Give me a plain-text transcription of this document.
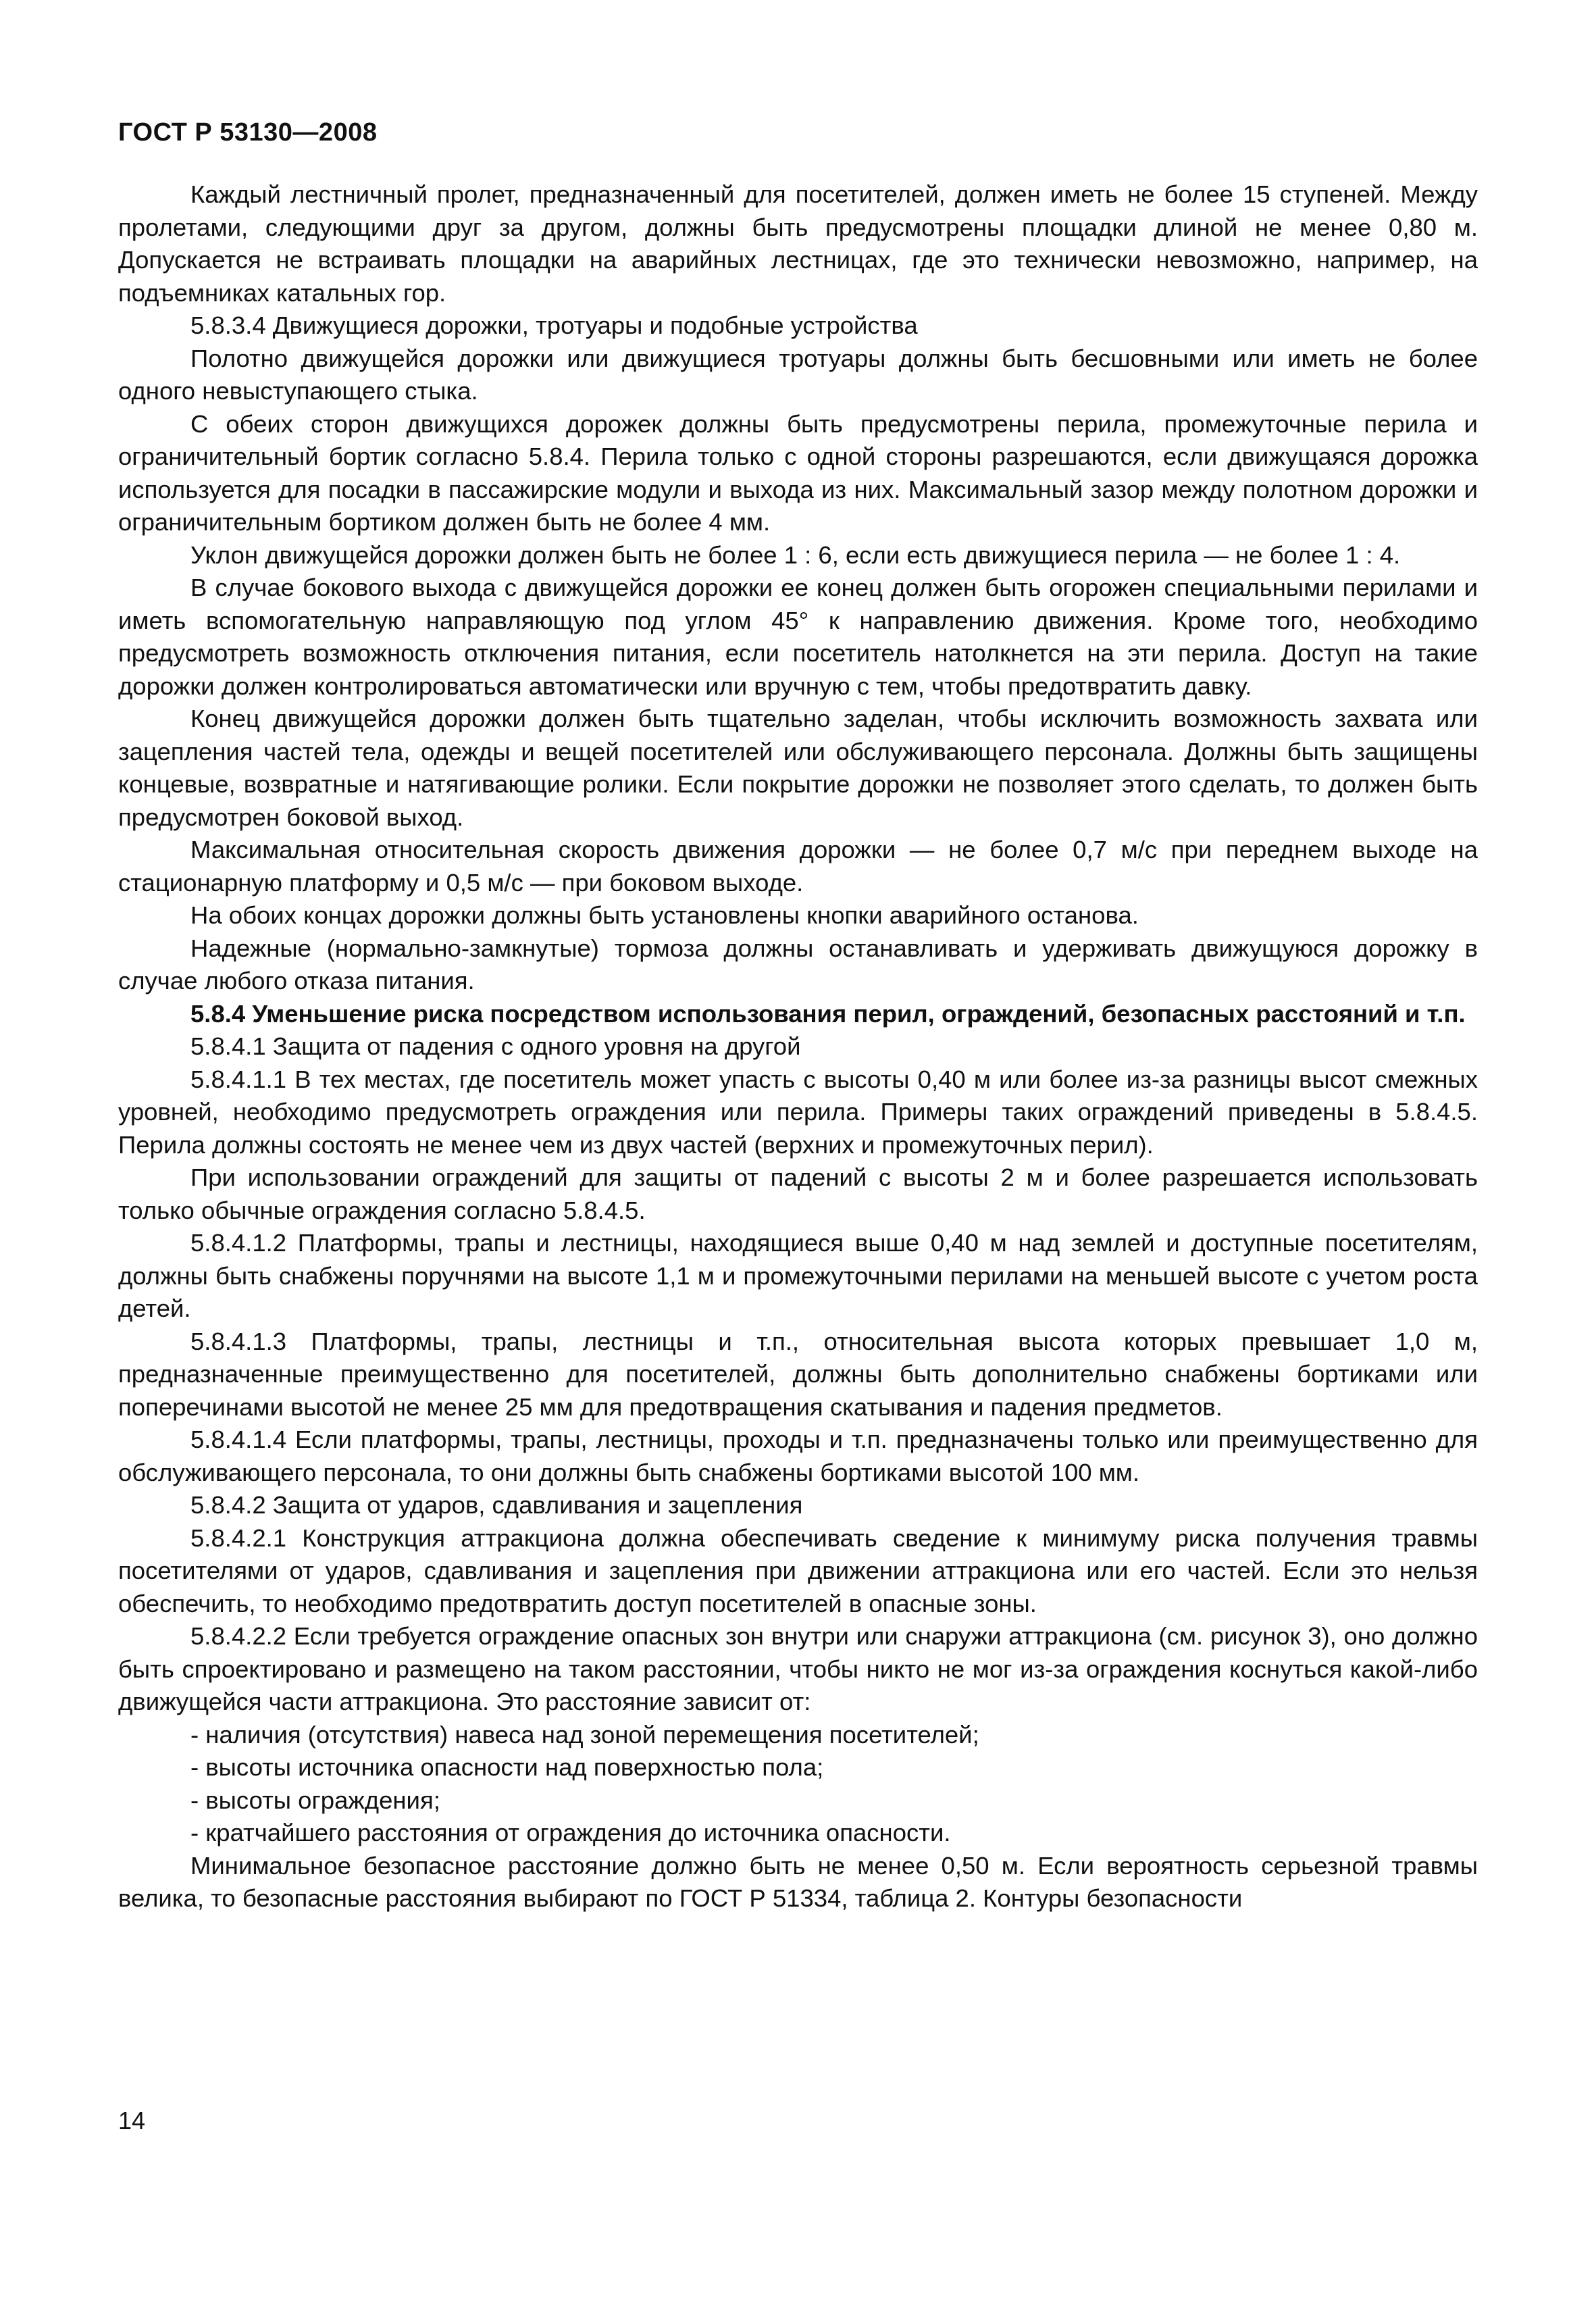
ГОСТ Р 53130—2008

Каждый лестничный пролет, предназначенный для посетителей, должен иметь не более 15 ступеней. Между пролетами, следующими друг за другом, должны быть предусмотрены площадки длиной не менее 0,80 м. Допускается не встраивать площадки на аварийных лестницах, где это технически невозможно, например, на подъемниках катальных гор.

5.8.3.4 Движущиеся дорожки, тротуары и подобные устройства

Полотно движущейся дорожки или движущиеся тротуары должны быть бесшовными или иметь не более одного невыступающего стыка.

С обеих сторон движущихся дорожек должны быть предусмотрены перила, промежуточные перила и ограничительный бортик согласно 5.8.4. Перила только с одной стороны разрешаются, если движущаяся дорожка используется для посадки в пассажирские модули и выхода из них. Максимальный зазор между полотном дорожки и ограничительным бортиком должен быть не более 4 мм.

Уклон движущейся дорожки должен быть не более 1 : 6, если есть движущиеся перила — не более 1 : 4.

В случае бокового выхода с движущейся дорожки ее конец должен быть огорожен специальными перилами и иметь вспомогательную направляющую под углом 45° к направлению движения. Кроме того, необходимо предусмотреть возможность отключения питания, если посетитель натолкнется на эти перила. Доступ на такие дорожки должен контролироваться автоматически или вручную с тем, чтобы предотвратить давку.

Конец движущейся дорожки должен быть тщательно заделан, чтобы исключить возможность захвата или зацепления частей тела, одежды и вещей посетителей или обслуживающего персонала. Должны быть защищены концевые, возвратные и натягивающие ролики. Если покрытие дорожки не позволяет этого сделать, то должен быть предусмотрен боковой выход.

Максимальная относительная скорость движения дорожки — не более 0,7 м/с при переднем выходе на стационарную платформу и 0,5 м/с — при боковом выходе.

На обоих концах дорожки должны быть установлены кнопки аварийного останова.

Надежные (нормально-замкнутые) тормоза должны останавливать и удерживать движущуюся дорожку в случае любого отказа питания.

5.8.4 Уменьшение риска посредством использования перил, ограждений, безопасных расстояний и т.п.

5.8.4.1 Защита от падения с одного уровня на другой

5.8.4.1.1 В тех местах, где посетитель может упасть с высоты 0,40 м или более из-за разницы высот смежных уровней, необходимо предусмотреть ограждения или перила. Примеры таких ограждений приведены в 5.8.4.5. Перила должны состоять не менее чем из двух частей (верхних и промежуточных перил).

При использовании ограждений для защиты от падений с высоты 2 м и более разрешается использовать только обычные ограждения согласно 5.8.4.5.

5.8.4.1.2 Платформы, трапы и лестницы, находящиеся выше 0,40 м над землей и доступные посетителям, должны быть снабжены поручнями на высоте 1,1 м и промежуточными перилами на меньшей высоте с учетом роста детей.

5.8.4.1.3 Платформы, трапы, лестницы и т.п., относительная высота которых превышает 1,0 м, предназначенные преимущественно для посетителей, должны быть дополнительно снабжены бортиками или поперечинами высотой не менее 25 мм для предотвращения скатывания и падения предметов.

5.8.4.1.4 Если платформы, трапы, лестницы, проходы и т.п. предназначены только или преимущественно для обслуживающего персонала, то они должны быть снабжены бортиками высотой 100 мм.

5.8.4.2 Защита от ударов, сдавливания и зацепления

5.8.4.2.1 Конструкция аттракциона должна обеспечивать сведение к минимуму риска получения травмы посетителями от ударов, сдавливания и зацепления при движении аттракциона или его частей. Если это нельзя обеспечить, то необходимо предотвратить доступ посетителей в опасные зоны.

5.8.4.2.2 Если требуется ограждение опасных зон внутри или снаружи аттракциона (см. рисунок 3), оно должно быть спроектировано и размещено на таком расстоянии, чтобы никто не мог из-за ограждения коснуться какой-либо движущейся части аттракциона. Это расстояние зависит от:

- наличия (отсутствия) навеса над зоной перемещения посетителей;

- высоты источника опасности над поверхностью пола;

- высоты ограждения;

- кратчайшего расстояния от ограждения до источника опасности.

Минимальное безопасное расстояние должно быть не менее 0,50 м. Если вероятность серьезной травмы велика, то безопасные расстояния выбирают по ГОСТ Р 51334, таблица 2. Контуры безопасности

14
